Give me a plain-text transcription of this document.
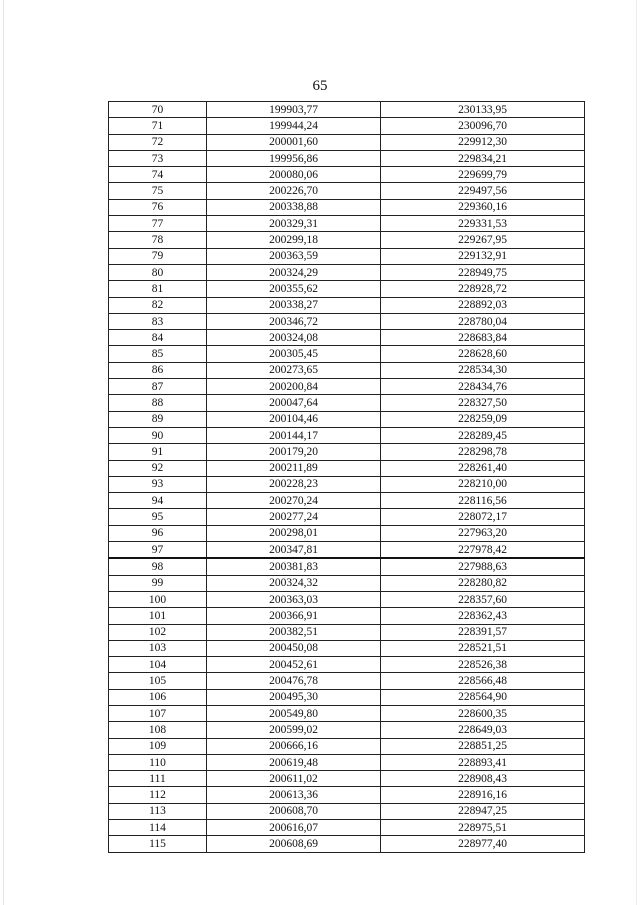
65
70	199903,77	230133,95
71	199944,24	230096,70
72	200001,60	229912,30
73	199956,86	229834,21
74	200080,06	229699,79
75	200226,70	229497,56
76	200338,88	229360,16
77	200329,31	229331,53
78	200299,18	229267,95
79	200363,59	229132,91
80	200324,29	228949,75
81	200355,62	228928,72
82	200338,27	228892,03
83	200346,72	228780,04
84	200324,08	228683,84
85	200305,45	228628,60
86	200273,65	228534,30
87	200200,84	228434,76
88	200047,64	228327,50
89	200104,46	228259,09
90	200144,17	228289,45
91	200179,20	228298,78
92	200211,89	228261,40
93	200228,23	228210,00
94	200270,24	228116,56
95	200277,24	228072,17
96	200298,01	227963,20
97	200347,81	227978,42
98	200381,83	227988,63
99	200324,32	228280,82
100	200363,03	228357,60
101	200366,91	228362,43
102	200382,51	228391,57
103	200450,08	228521,51
104	200452,61	228526,38
105	200476,78	228566,48
106	200495,30	228564,90
107	200549,80	228600,35
108	200599,02	228649,03
109	200666,16	228851,25
110	200619,48	228893,41
111	200611,02	228908,43
112	200613,36	228916,16
113	200608,70	228947,25
114	200616,07	228975,51
115	200608,69	228977,40
